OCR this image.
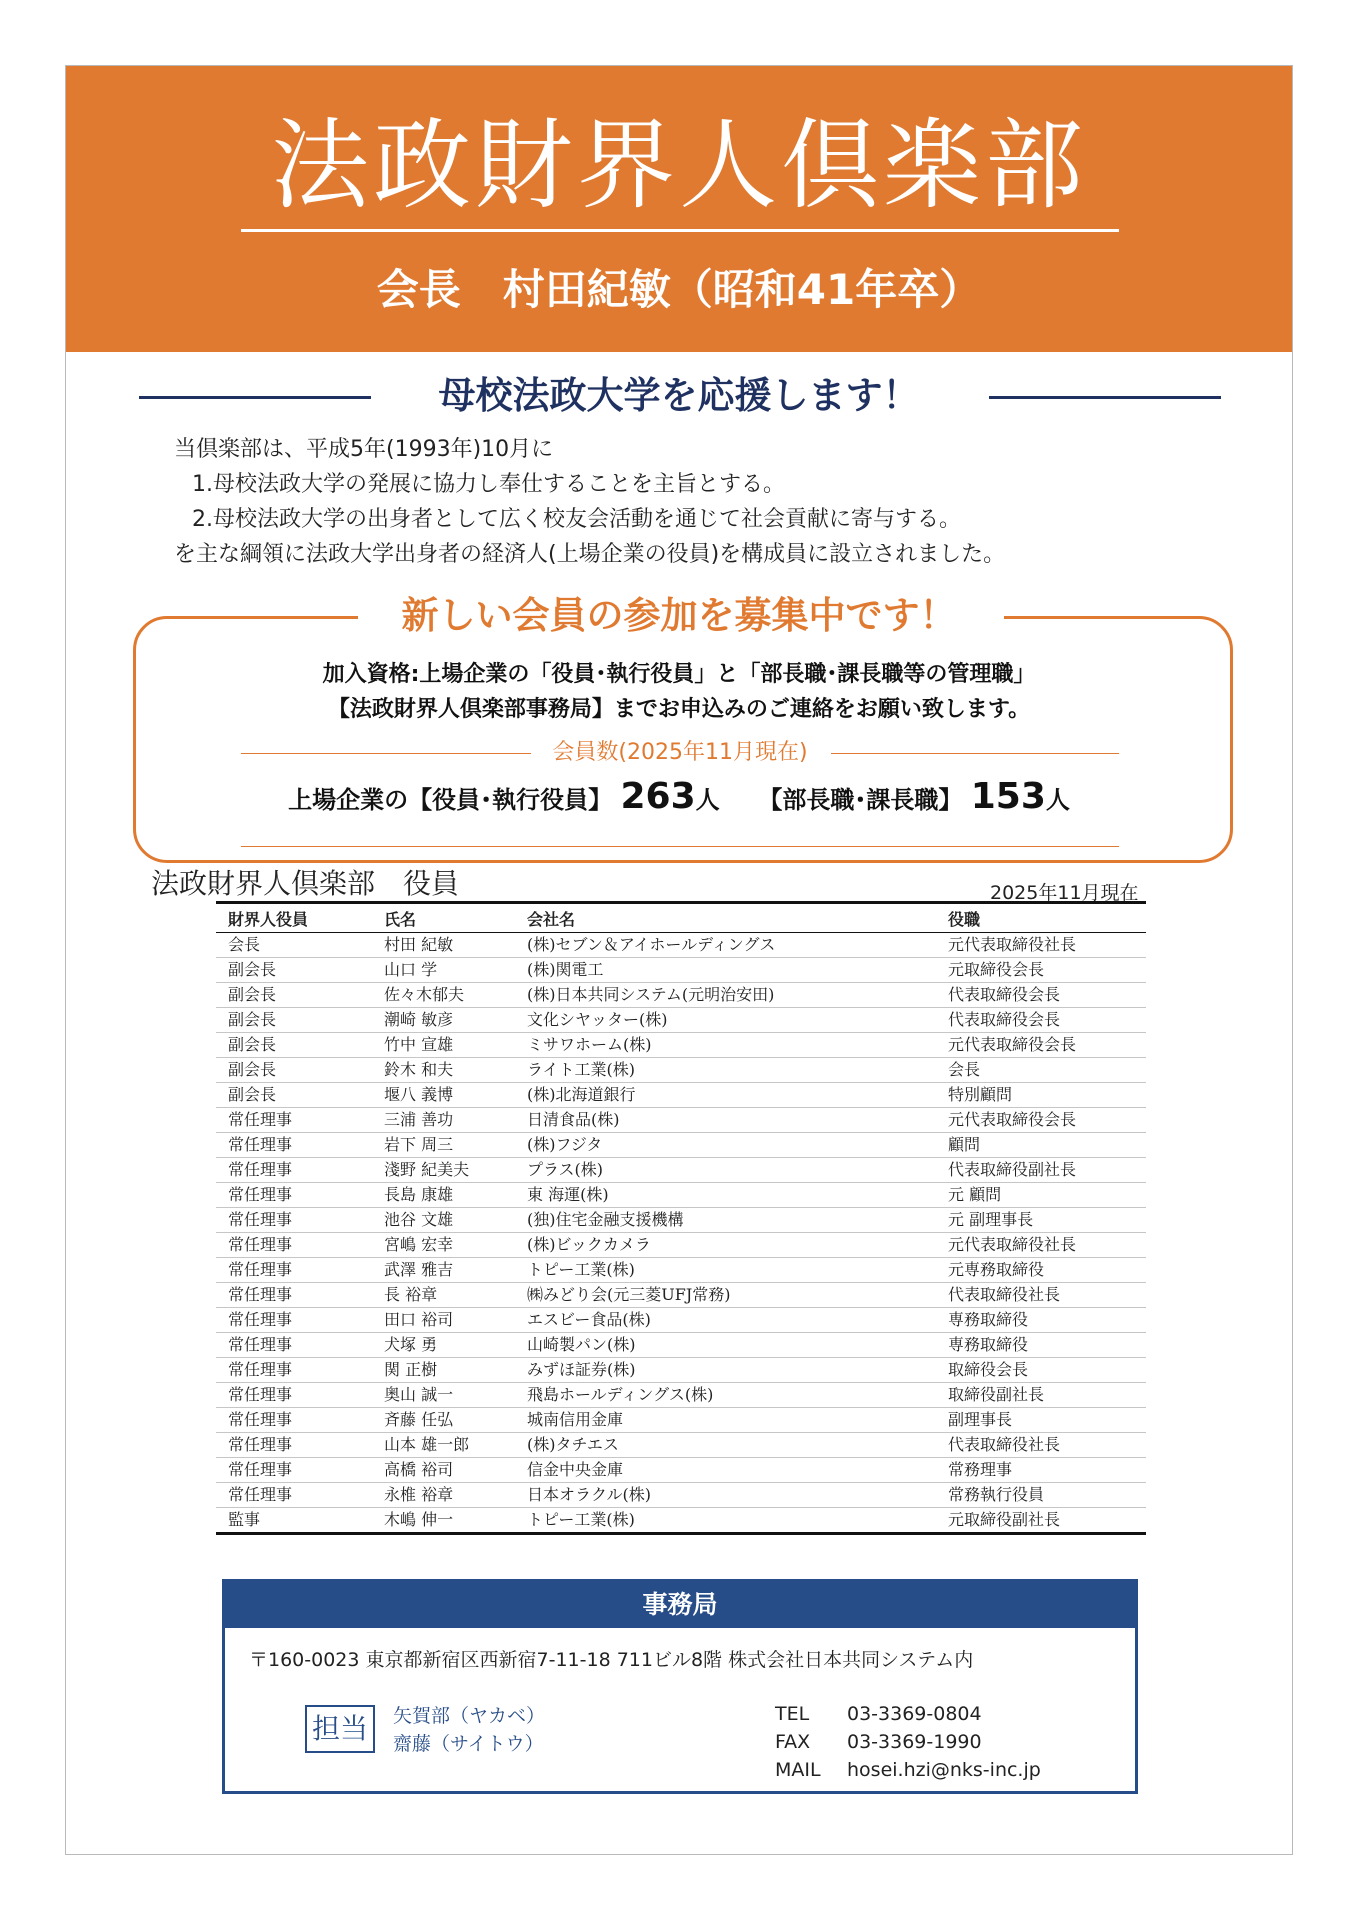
法政財界人倶楽部
会長　村田紀敏（昭和41年卒）
母校法政大学を応援します！
当倶楽部は、平成5年(1993年)10月に
1.母校法政大学の発展に協力し奉仕することを主旨とする。
2.母校法政大学の出身者として広く校友会活動を通じて社会貢献に寄与する。
を主な綱領に法政大学出身者の経済人(上場企業の役員)を構成員に設立されました。
新しい会員の参加を募集中です！
加入資格:上場企業の「役員･執行役員」と「部長職･課長職等の管理職」
【法政財界人倶楽部事務局】までお申込みのご連絡をお願い致します。
会員数(2025年11月現在)
上場企業の【役員･執行役員】 263人 【部長職･課長職】 153人
法政財界人倶楽部　役員	2025年11月現在
財界人役員	氏名	会社名	役職
会長	村田 紀敏	(株)セブン＆アイホールディングス	元代表取締役社長
副会長	山口 学	(株)関電工	元取締役会長
副会長	佐々木郁夫	(株)日本共同システム(元明治安田)	代表取締役会長
副会長	潮崎 敏彦	文化シヤッター(株)	代表取締役会長
副会長	竹中 宣雄	ミサワホーム(株)	元代表取締役会長
副会長	鈴木 和夫	ライト工業(株)	会長
副会長	堰八 義博	(株)北海道銀行	特別顧問
常任理事	三浦 善功	日清食品(株)	元代表取締役会長
常任理事	岩下 周三	(株)フジタ	顧問
常任理事	淺野 紀美夫	プラス(株)	代表取締役副社長
常任理事	長島 康雄	東 海運(株)	元 顧問
常任理事	池谷 文雄	(独)住宅金融支援機構	元 副理事長
常任理事	宮嶋 宏幸	(株)ビックカメラ	元代表取締役社長
常任理事	武澤 雅吉	トピー工業(株)	元専務取締役
常任理事	長 裕章	㈱みどり会(元三菱UFJ常務)	代表取締役社長
常任理事	田口 裕司	エスビー食品(株)	専務取締役
常任理事	犬塚 勇	山崎製パン(株)	専務取締役
常任理事	関 正樹	みずほ証券(株)	取締役会長
常任理事	奥山 誠一	飛島ホールディングス(株)	取締役副社長
常任理事	斉藤 任弘	城南信用金庫	副理事長
常任理事	山本 雄一郎	(株)タチエス	代表取締役社長
常任理事	高橋 裕司	信金中央金庫	常務理事
常任理事	永椎 裕章	日本オラクル(株)	常務執行役員
監事	木嶋 伸一	トピー工業(株)	元取締役副社長
事務局
〒160-0023 東京都新宿区西新宿7-11-18 711ビル8階 株式会社日本共同システム内
担当	矢賀部（ヤカベ）
齋藤（サイトウ）
TEL 03-3369-0804
FAX 03-3369-1990
MAIL hosei.hzi@nks-inc.jp
